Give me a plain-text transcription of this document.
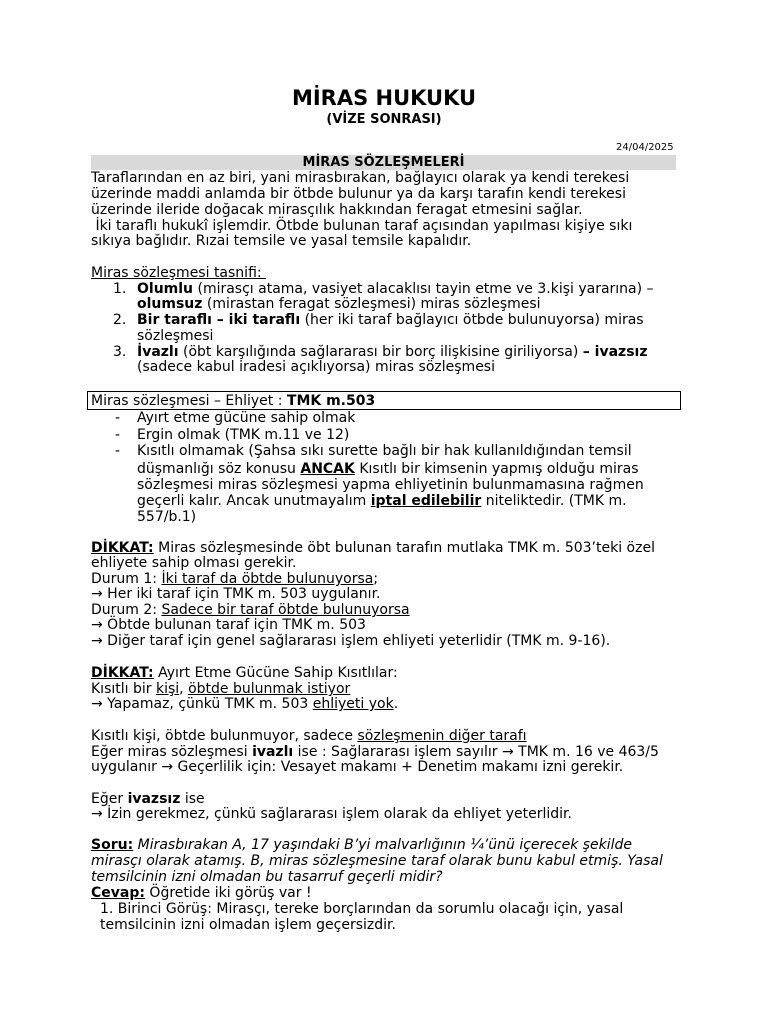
MİRAS HUKUKU
(VİZE SONRASI)
24/04/2025
MİRAS SÖZLEŞMELERİ
Taraflarından en az biri, yani mirasbırakan, bağlayıcı olarak ya kendi terekesi
üzerinde maddi anlamda bir ötbde bulunur ya da karşı tarafın kendi terekesi
üzerinde ileride doğacak mirasçılık hakkından feragat etmesini sağlar.
İki taraflı hukukî işlemdir. Ötbde bulunan taraf açısından yapılması kişiye sıkı
sıkıya bağlıdır. Rızai temsile ve yasal temsile kapalıdır.
Miras sözleşmesi tasnifi:
1. Olumlu (mirasçı atama, vasiyet alacaklısı tayin etme ve 3.kişi yararına) –
olumsuz (mirastan feragat sözleşmesi) miras sözleşmesi
2. Bir taraflı – iki taraflı (her iki taraf bağlayıcı ötbde bulunuyorsa) miras
sözleşmesi
3. İvazlı (öbt karşılığında sağlararası bir borç ilişkisine giriliyorsa) – ivazsız
(sadece kabul iradesi açıklıyorsa) miras sözleşmesi
Miras sözleşmesi – Ehliyet : TMK m.503
- Ayırt etme gücüne sahip olmak
- Ergin olmak (TMK m.11 ve 12)
- Kısıtlı olmamak (Şahsa sıkı surette bağlı bir hak kullanıldığından temsil
düşmanlığı söz konusu ANCAK Kısıtlı bir kimsenin yapmış olduğu miras
sözleşmesi miras sözleşmesi yapma ehliyetinin bulunmamasına rağmen
geçerli kalır. Ancak unutmayalım iptal edilebilir niteliktedir. (TMK m.
557/b.1)
DİKKAT: Miras sözleşmesinde öbt bulunan tarafın mutlaka TMK m. 503’teki özel
ehliyete sahip olması gerekir.
Durum 1: İki taraf da öbtde bulunuyorsa;
→ Her iki taraf için TMK m. 503 uygulanır.
Durum 2: Sadece bir taraf öbtde bulunuyorsa
→ Öbtde bulunan taraf için TMK m. 503
→ Diğer taraf için genel sağlararası işlem ehliyeti yeterlidir (TMK m. 9-16).
DİKKAT: Ayırt Etme Gücüne Sahip Kısıtlılar:
Kısıtlı bir kişi, öbtde bulunmak istiyor
→ Yapamaz, çünkü TMK m. 503 ehliyeti yok.
Kısıtlı kişi, öbtde bulunmuyor, sadece sözleşmenin diğer tarafı
Eğer miras sözleşmesi ivazlı ise : Sağlararası işlem sayılır → TMK m. 16 ve 463/5
uygulanır → Geçerlilik için: Vesayet makamı + Denetim makamı izni gerekir.
Eğer ivazsız ise
→ İzin gerekmez, çünkü sağlararası işlem olarak da ehliyet yeterlidir.
Soru: Mirasbırakan A, 17 yaşındaki B’yi malvarlığının ¼’ünü içerecek şekilde
mirasçı olarak atamış. B, miras sözleşmesine taraf olarak bunu kabul etmiş. Yasal
temsilcinin izni olmadan bu tasarruf geçerli midir?
Cevap: Öğretide iki görüş var !
1. Birinci Görüş: Mirasçı, tereke borçlarından da sorumlu olacağı için, yasal
temsilcinin izni olmadan işlem geçersizdir.
